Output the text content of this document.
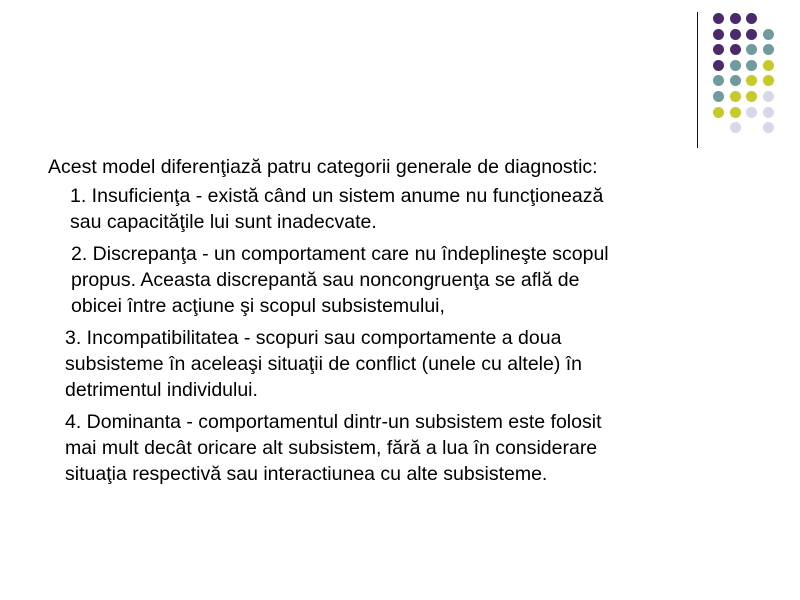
Acest model diferenţiază patru categorii generale de diagnostic:

1. Insuficienţa - există când un sistem anume nu funcţionează
sau capacităţile lui sunt inadecvate.

2. Discrepanţa - un comportament care nu îndeplineşte scopul
propus. Aceasta discrepantă sau noncongruenţa se află de
obicei între acţiune şi scopul subsistemului,

3. Incompatibilitatea - scopuri sau comportamente a doua
subsisteme în aceleaşi situaţii de conflict (unele cu altele) în
detrimentul individului.

4. Dominanta - comportamentul dintr-un subsistem este folosit
mai mult decât oricare alt subsistem, fără a lua în considerare
situaţia respectivă sau interactiunea cu alte subsisteme.
